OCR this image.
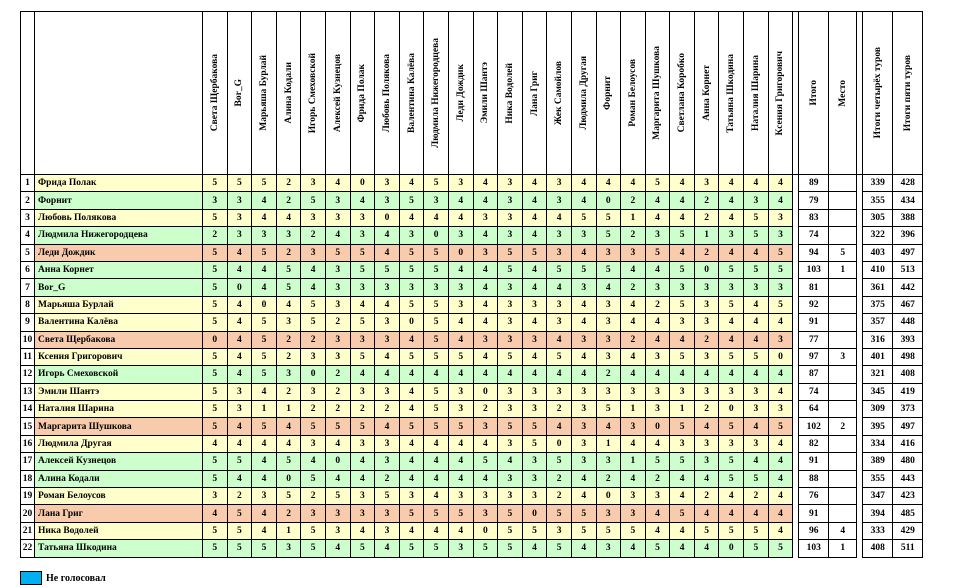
		Света Щербакова	Bor_G	Марьяша Бурлай	Алина Кодали	Игорь Смеховской	Алексей Кузнецов	Фрида Полак	Любовь Полякова	Валентина Калёва	Людмила Нижегородцева	Леди Дождик	Эмили Шантэ	Ника Водолей	Лана Григ	Жек Самойлов	Людмила Другая	Форнит	Роман Белоусов	Маргарита Шушкова	Светлана Коробко	Анна Корнет	Татьяна Шкодина	Наталия Шарина	Ксения Григорович		Итого	Место		Итоги четырёх туров	Итоги пяти туров

1	Фрида Полак	5	5	5	2	3	4	0	3	4	5	3	4	3	4	3	4	4	4	5	4	3	4	4	4		89			339	428
2	Форнит	3	3	4	2	5	3	4	3	5	3	4	4	3	4	3	4	0	2	4	4	2	4	3	4		79			355	434
3	Любовь Полякова	5	3	4	4	3	3	3	0	4	4	4	3	3	4	4	5	5	1	4	4	2	4	5	3		83			305	388
4	Людмила Нижегородцева	2	3	3	3	2	4	3	4	3	0	3	4	3	4	3	3	5	2	3	5	1	3	5	3		74			322	396
5	Леди Дождик	5	4	5	2	3	5	5	4	5	5	0	3	5	5	3	4	3	3	5	4	2	4	4	5		94	5		403	497
6	Анна Корнет	5	4	4	5	4	3	5	5	5	5	4	4	5	4	5	5	5	4	4	5	0	5	5	5		103	1		410	513
7	Bor_G	5	0	4	5	4	3	3	3	3	3	3	4	3	4	4	3	4	2	3	3	3	3	3	3		81			361	442
8	Марьяша Бурлай	5	4	0	4	5	3	4	4	5	5	3	4	3	3	3	4	3	4	2	5	3	5	4	5		92			375	467
9	Валентина Калёва	5	4	5	3	5	2	5	3	0	5	4	4	3	4	3	4	3	4	4	3	3	4	4	4		91			357	448
10	Света Щербакова	0	4	5	2	2	3	3	3	4	5	4	3	3	3	4	3	3	2	4	4	2	4	4	3		77			316	393
11	Ксения Григорович	5	4	5	2	3	3	5	4	5	5	5	4	5	4	5	4	3	4	3	5	3	5	5	0		97	3		401	498
12	Игорь Смеховской	5	4	5	3	0	2	4	4	4	4	4	4	4	4	4	4	2	4	4	4	4	4	4	4		87			321	408
13	Эмили Шантэ	5	3	4	2	3	2	3	3	4	5	3	0	3	3	3	3	3	3	3	3	3	3	3	4		74			345	419
14	Наталия Шарина	5	3	1	1	2	2	2	2	4	5	3	2	3	3	2	3	5	1	3	1	2	0	3	3		64			309	373
15	Маргарита Шушкова	5	4	5	4	5	5	5	4	5	5	5	3	5	5	4	3	4	3	0	5	4	5	4	5		102	2		395	497
16	Людмила Другая	4	4	4	4	3	4	3	3	4	4	4	4	3	5	0	3	1	4	4	3	3	3	3	4		82			334	416
17	Алексей Кузнецов	5	5	4	5	4	0	4	3	4	4	4	5	4	3	5	3	3	1	5	5	3	5	4	4		91			389	480
18	Алина Кодали	5	4	4	0	5	4	4	2	4	4	4	4	3	3	2	4	2	4	2	4	4	5	5	4		88			355	443
19	Роман Белоусов	3	2	3	5	2	5	3	5	3	4	3	3	3	3	2	4	0	3	3	4	2	4	2	4		76			347	423
20	Лана Григ	4	5	4	2	3	3	3	3	5	5	5	3	5	0	5	5	3	3	4	5	4	4	4	4		91			394	485
21	Ника Водолей	5	5	4	1	5	3	4	3	4	4	4	0	5	5	3	5	5	5	4	4	5	5	5	4		96	4		333	429
22	Татьяна Шкодина	5	5	5	3	5	4	5	4	5	5	3	5	5	4	5	4	3	4	5	4	4	0	5	5		103	1		408	511
Не голосовал
